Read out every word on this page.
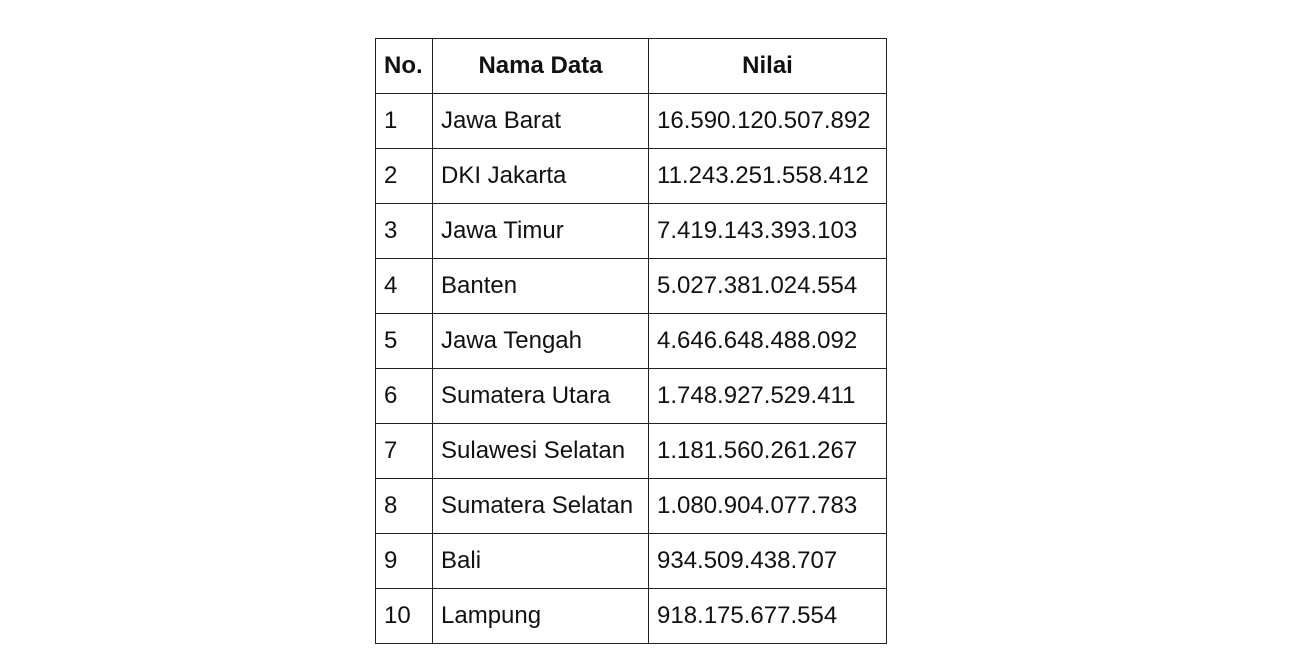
No.	Nama Data	Nilai
1	Jawa Barat	16.590.120.507.892
2	DKI Jakarta	11.243.251.558.412
3	Jawa Timur	7.419.143.393.103
4	Banten	5.027.381.024.554
5	Jawa Tengah	4.646.648.488.092
6	Sumatera Utara	1.748.927.529.411
7	Sulawesi Selatan	1.181.560.261.267
8	Sumatera Selatan	1.080.904.077.783
9	Bali	934.509.438.707
10	Lampung	918.175.677.554
